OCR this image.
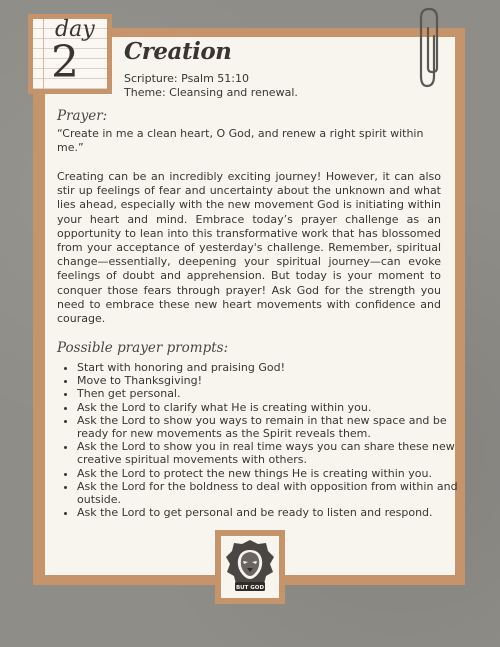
day
2 Creation
Scripture: Psalm 51:10
Theme: Cleansing and renewal.
Prayer:
“Create in me a clean heart, O God, and renew a right spirit within me.”
Creating can be an incredibly exciting journey! However, it can also stir up feelings of fear and uncertainty about the unknown and what lies ahead, especially with the new movement God is initiating within your heart and mind. Embrace today’s prayer challenge as an opportunity to lean into this transformative work that has blossomed from your acceptance of yesterday's challenge. Remember, spiritual change—essentially, deepening your spiritual journey—can evoke feelings of doubt and apprehension. But today is your moment to conquer those fears through prayer! Ask God for the strength you need to embrace these new heart movements with confidence and courage.
Possible prayer prompts:
• Start with honoring and praising God!
• Move to Thanksgiving!
• Then get personal.
• Ask the Lord to clarify what He is creating within you.
• Ask the Lord to show you ways to remain in that new space and be ready for new movements as the Spirit reveals them.
• Ask the Lord to show you in real time ways you can share these new creative spiritual movements with others.
• Ask the Lord to protect the new things He is creating within you.
• Ask the Lord for the boldness to deal with opposition from within and outside.
• Ask the Lord to get personal and be ready to listen and respond.
BUT GOD
